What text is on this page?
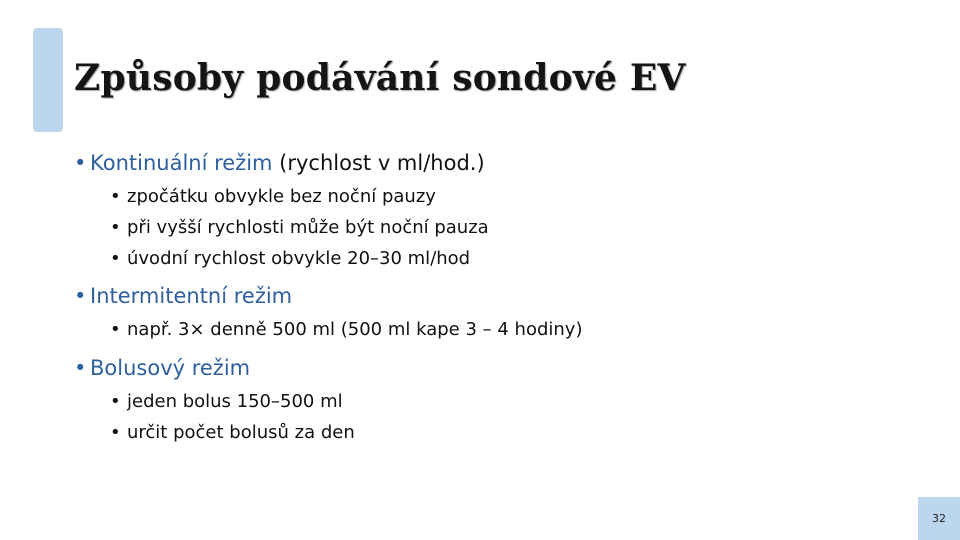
Způsoby podávání sondové EV
• Kontinuální režim (rychlost v ml/hod.)
• zpočátku obvykle bez noční pauzy
• při vyšší rychlosti může být noční pauza
• úvodní rychlost obvykle 20–30 ml/hod
• Intermitentní režim
• např. 3× denně 500 ml (500 ml kape 3 – 4 hodiny)
• Bolusový režim
• jeden bolus 150–500 ml
• určit počet bolusů za den
32
